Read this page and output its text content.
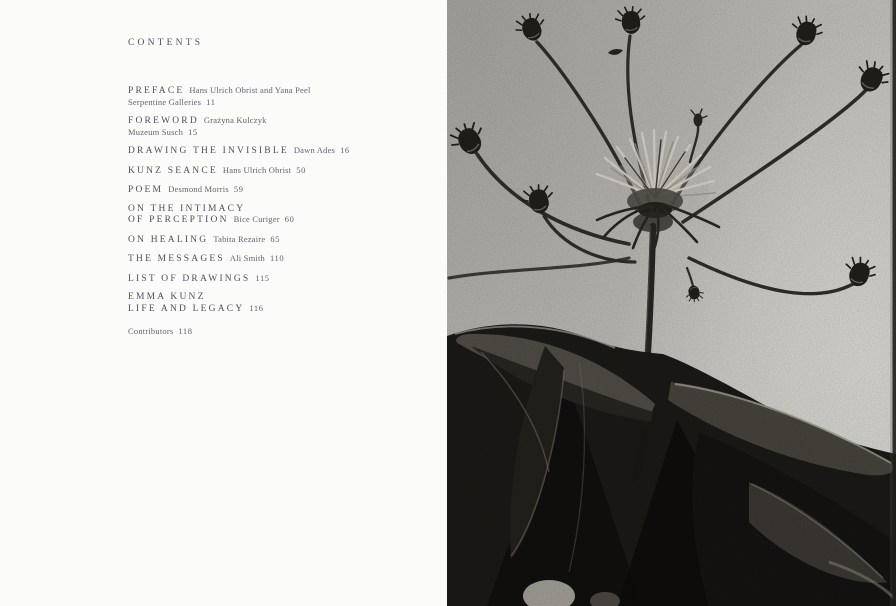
CONTENTS
PREFACE Hans Ulrich Obrist and Yana Peel
Serpentine Galleries 11
FOREWORD Grażyna Kulczyk
Muzeum Susch 15
DRAWING THE INVISIBLE Dawn Ades 16
KUNZ SEANCE Hans Ulrich Obrist 50
POEM Desmond Morris 59
ON THE INTIMACY
OF PERCEPTION Bice Curiger 60
ON HEALING Tabita Rezaire 65
THE MESSAGES Ali Smith 110
LIST OF DRAWINGS 115
EMMA KUNZ
LIFE AND LEGACY 116
Contributors 118
